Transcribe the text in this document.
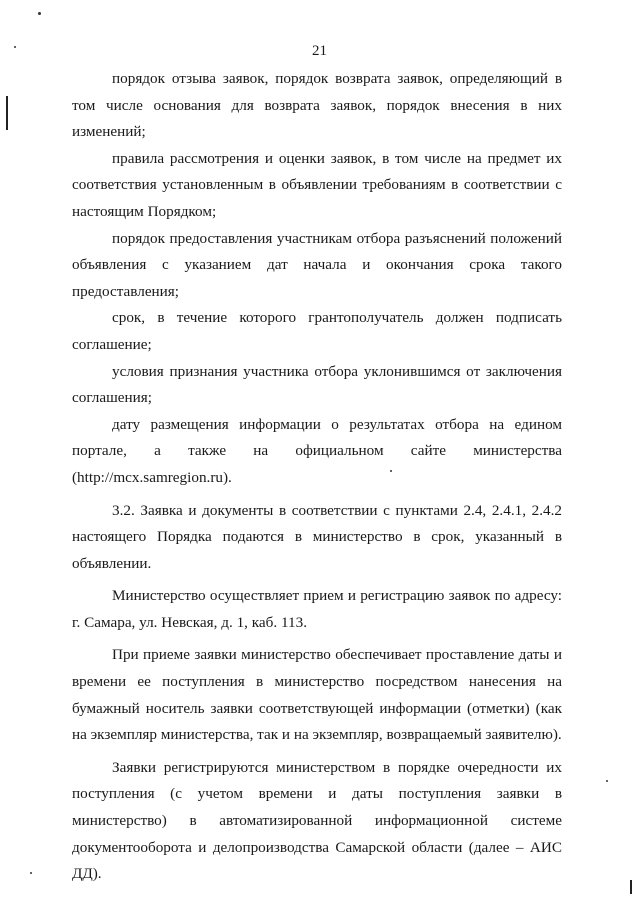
21

порядок отзыва заявок, порядок возврата заявок, определяющий в том числе основания для возврата заявок, порядок внесения в них изменений;

правила рассмотрения и оценки заявок, в том числе на предмет их соответствия установленным в объявлении требованиям в соответствии с настоящим Порядком;

порядок предоставления участникам отбора разъяснений положений объявления с указанием дат начала и окончания срока такого предоставления;

срок, в течение которого грантополучатель должен подписать соглашение;

условия признания участника отбора уклонившимся от заключения соглашения;

дату размещения информации о результатах отбора на едином портале, а также на официальном сайте министерства (http://mcx.samregion.ru).

3.2. Заявка и документы в соответствии с пунктами 2.4, 2.4.1, 2.4.2 настоящего Порядка подаются в министерство в срок, указанный в объявлении.

Министерство осуществляет прием и регистрацию заявок по адресу: г. Самара, ул. Невская, д. 1, каб. 113.

При приеме заявки министерство обеспечивает проставление даты и времени ее поступления в министерство посредством нанесения на бумажный носитель заявки соответствующей информации (отметки) (как на экземпляр министерства, так и на экземпляр, возвращаемый заявителю).

Заявки регистрируются министерством в порядке очередности их поступления (с учетом времени и даты поступления заявки в министерство) в автоматизированной информационной системе документооборота и делопроизводства Самарской области (далее – АИС ДД).
